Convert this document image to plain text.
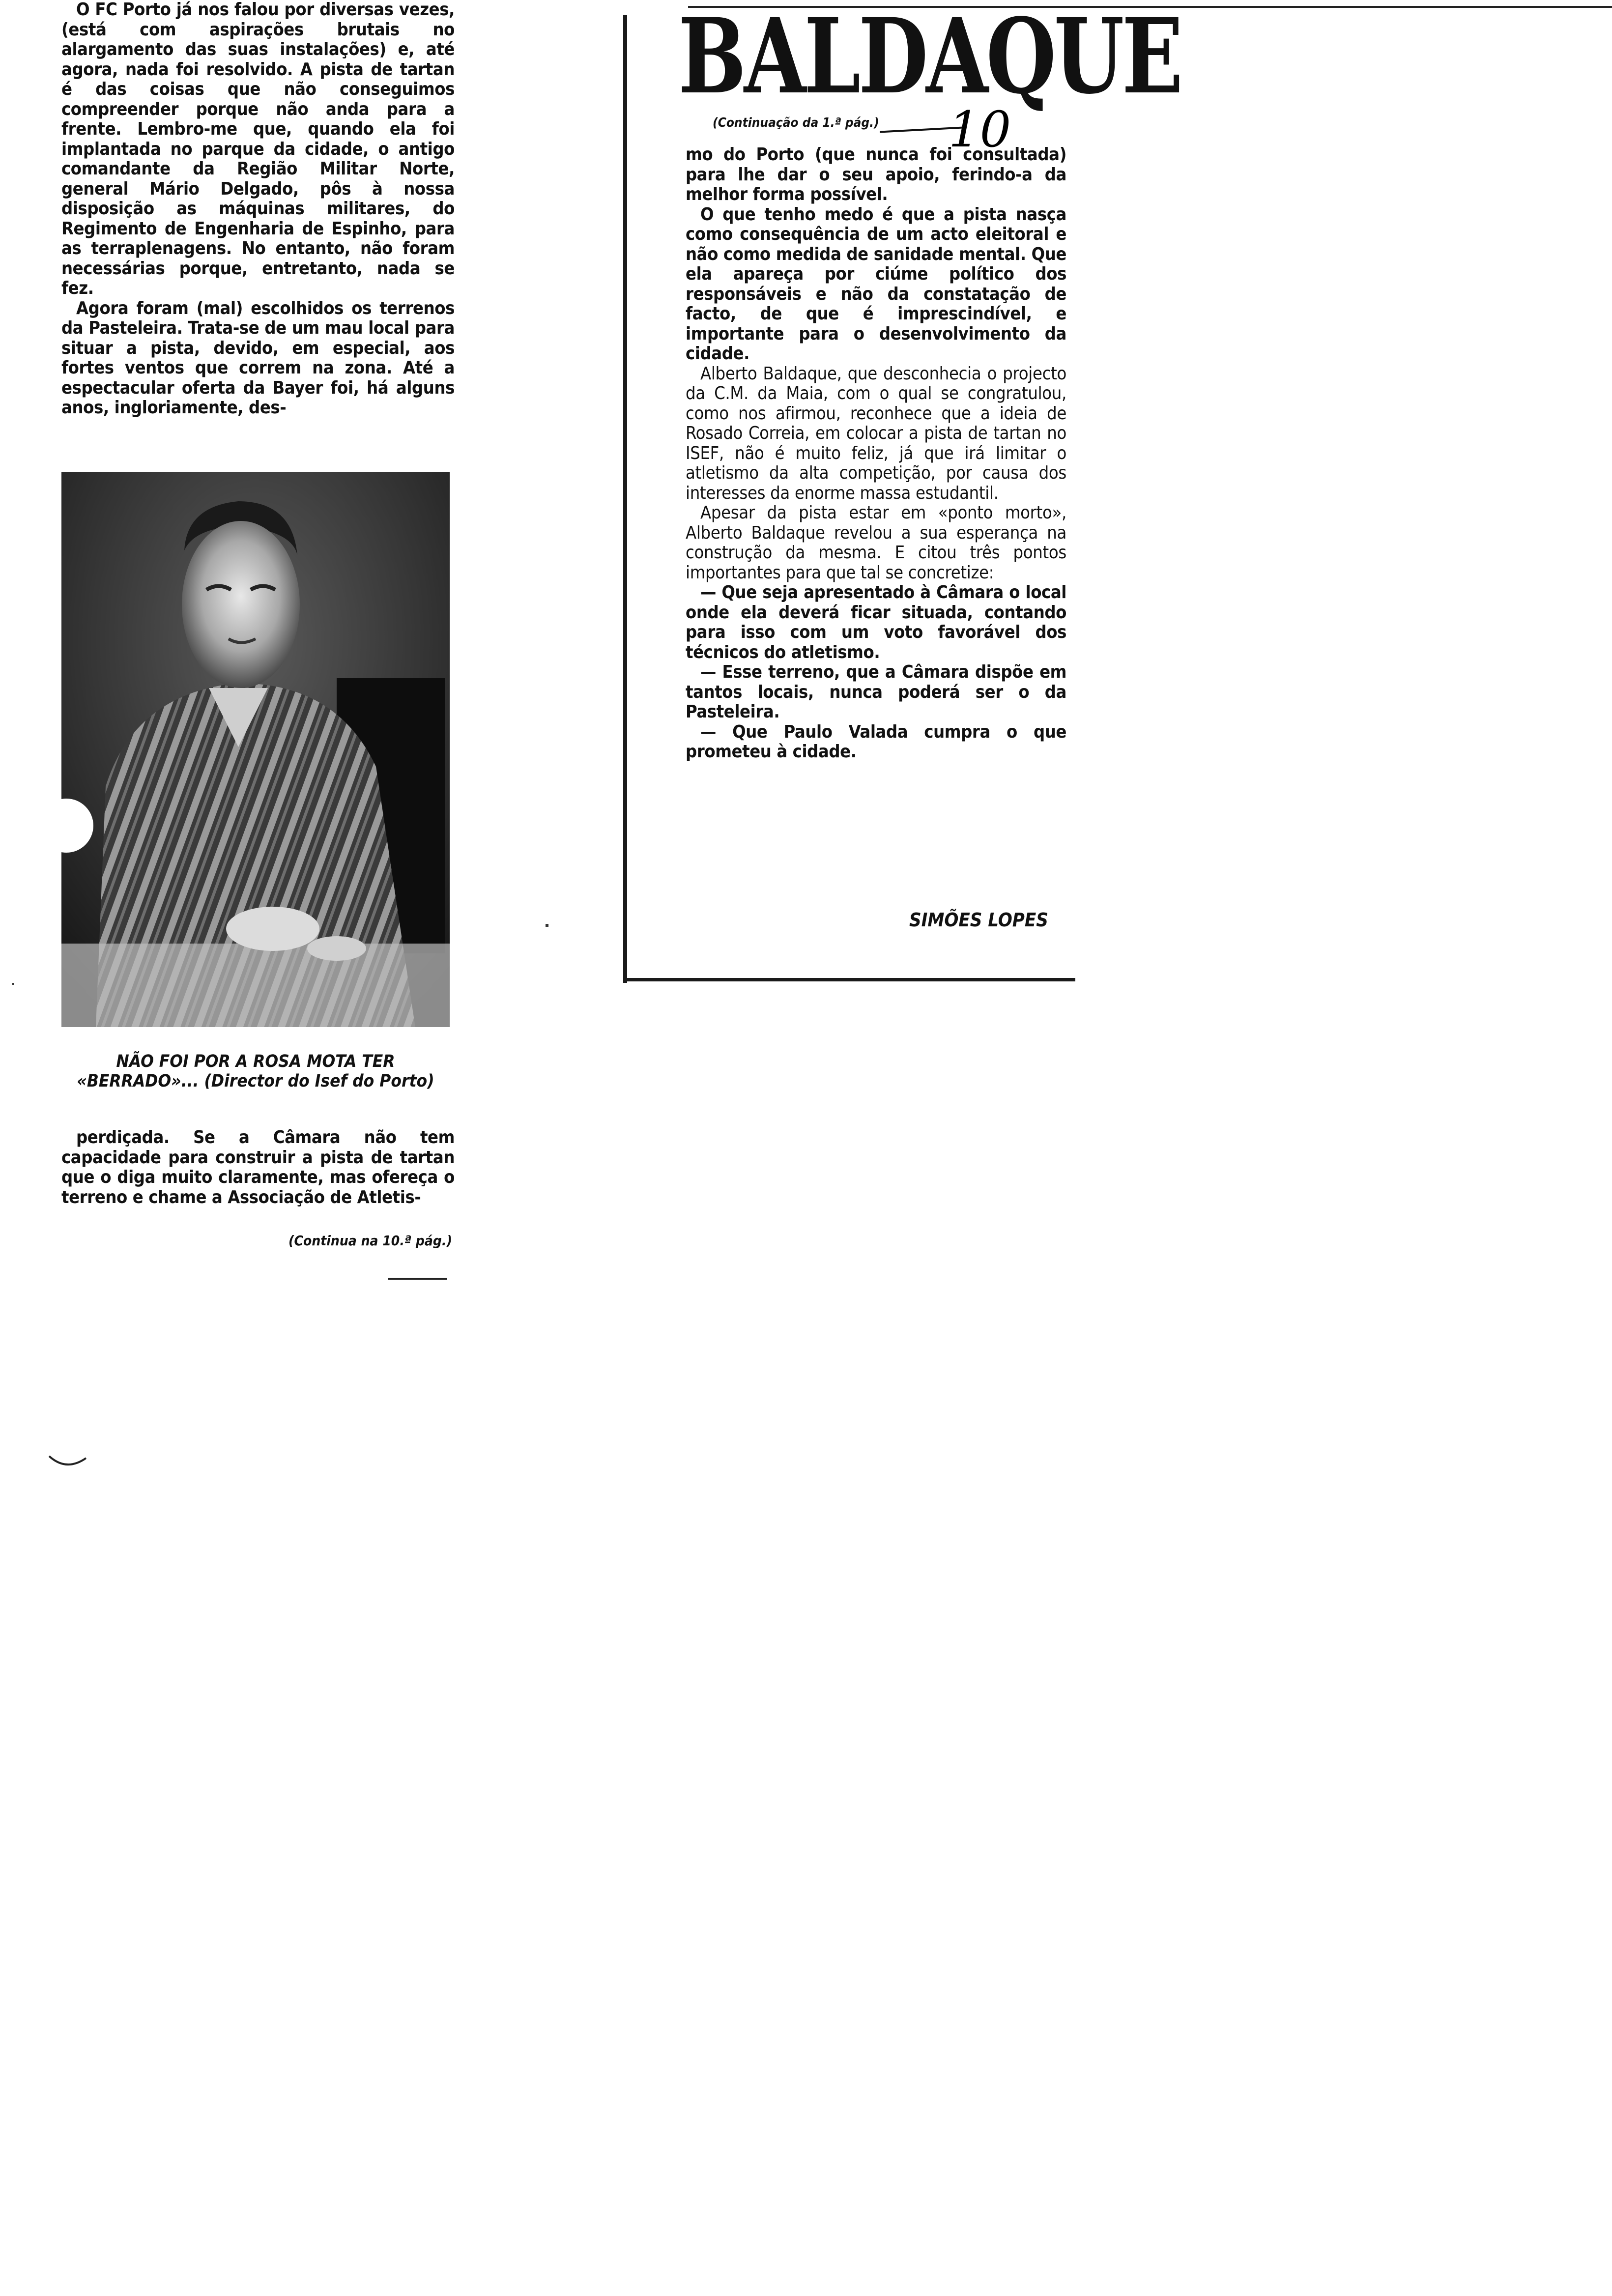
O FC Porto já nos falou por diversas vezes, (está com aspirações brutais no alargamento das suas instalações) e, até agora, nada foi resolvido. A pista de tartan é das coisas que não conseguimos compreender porque não anda para a frente. Lembro-me que, quando ela foi implantada no parque da cidade, o antigo comandante da Região Militar Norte, general Mário Delgado, pôs à nossa disposição as máquinas militares, do Regimento de Engenharia de Espinho, para as terraplenagens. No entanto, não foram necessárias porque, entretanto, nada se fez.

Agora foram (mal) escolhidos os terrenos da Pasteleira. Trata-se de um mau local para situar a pista, devido, em especial, aos fortes ventos que correm na zona. Até a espectacular oferta da Bayer foi, há alguns anos, ingloriamente, des-

NÃO FOI POR A ROSA MOTA TER «BERRADO»... (Director do Isef do Porto)

perdiçada. Se a Câmara não tem capacidade para construir a pista de tartan que o diga muito claramente, mas ofereça o terreno e chame a Associação de Atletis-

(Continua na 10.ª pág.)
BALDAQUE
(Continuação da 1.ª pág.) 10

mo do Porto (que nunca foi consultada) para lhe dar o seu apoio, ferindo-a da melhor forma possível.

O que tenho medo é que a pista nasça como consequência de um acto eleitoral e não como medida de sanidade mental. Que ela apareça por ciúme político dos responsáveis e não da constatação de facto, de que é imprescindível, e importante para o desenvolvimento da cidade.

Alberto Baldaque, que desconhecia o projecto da C.M. da Maia, com o qual se congratulou, como nos afirmou, reconhece que a ideia de Rosado Correia, em colocar a pista de tartan no ISEF, não é muito feliz, já que irá limitar o atletismo da alta competição, por causa dos interesses da enorme massa estudantil.

Apesar da pista estar em «ponto morto», Alberto Baldaque revelou a sua esperança na construção da mesma. E citou três pontos importantes para que tal se concretize:

— Que seja apresentado à Câmara o local onde ela deverá ficar situada, contando para isso com um voto favorável dos técnicos do atletismo.

— Esse terreno, que a Câmara dispõe em tantos locais, nunca poderá ser o da Pasteleira.

— Que Paulo Valada cumpra o que prometeu à cidade.

SIMÕES LOPES
